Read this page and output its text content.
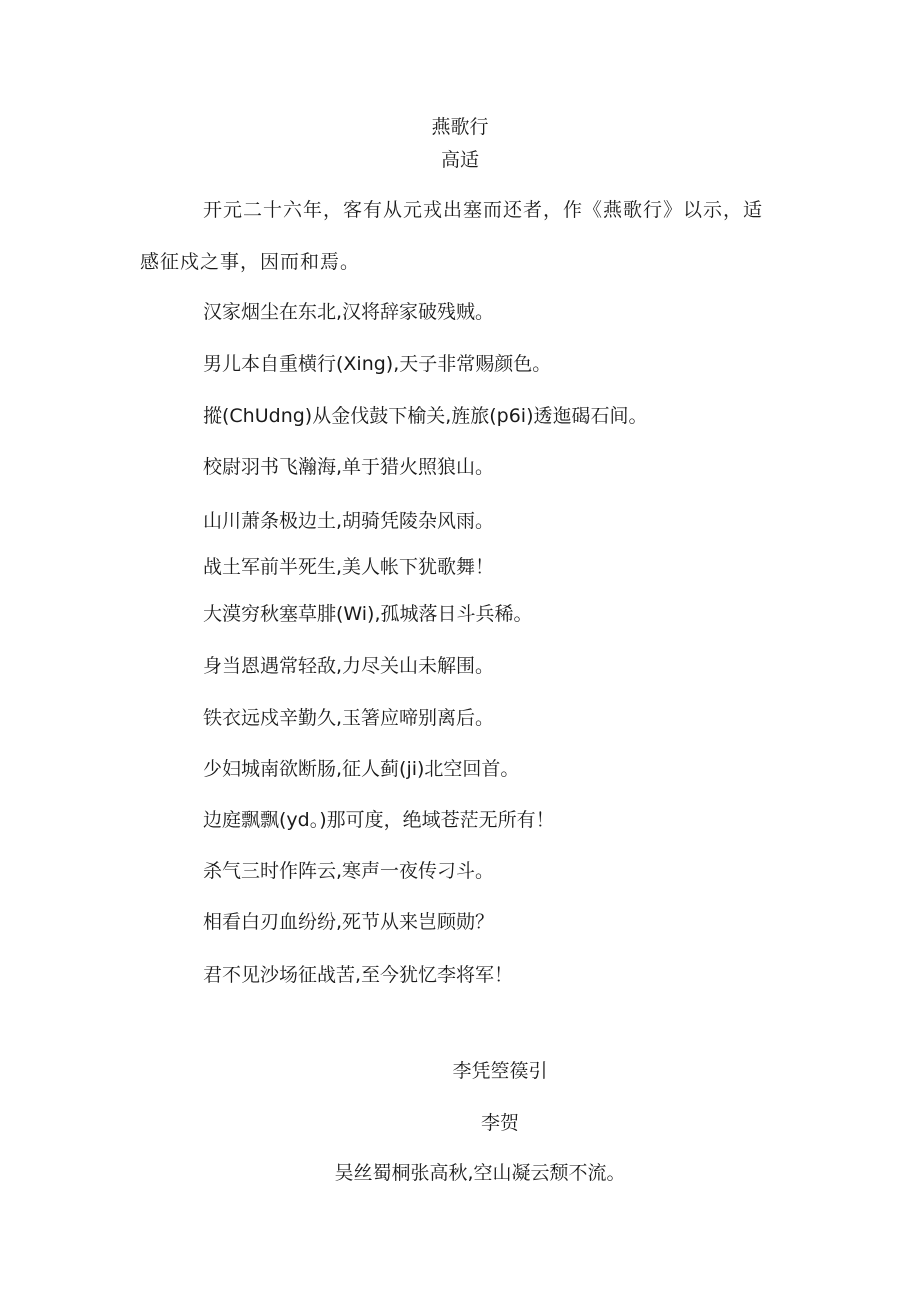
燕歌行
高适
开元二十六年，客有从元戎出塞而还者，作《燕歌行》以示，适
感征戍之事，因而和焉。
汉家烟尘在东北,汉将辞家破残贼。
男儿本自重横行(Xing),天子非常赐颜色。
摐(ChUdng)从金伐鼓下榆关,旌旅(p6i)透迤碣石间。
校尉羽书飞瀚海,单于猎火照狼山。
山川萧条极边土,胡骑凭陵杂风雨。
战土军前半死生,美人帐下犹歌舞！
大漠穷秋塞草腓(Wi),孤城落日斗兵稀。
身当恩遇常轻敌,力尽关山未解围。
铁衣远戍辛勤久,玉箸应啼别离后。
少妇城南欲断肠,征人蓟(ji)北空回首。
边庭飘飘(yd。)那可度，绝域苍茫无所有！
杀气三时作阵云,寒声一夜传刁斗。
相看白刃血纷纷,死节从来岂顾勋？
君不见沙场征战苦,至今犹忆李将军！
李凭箜篌引
李贺
吴丝蜀桐张高秋,空山凝云颓不流。
